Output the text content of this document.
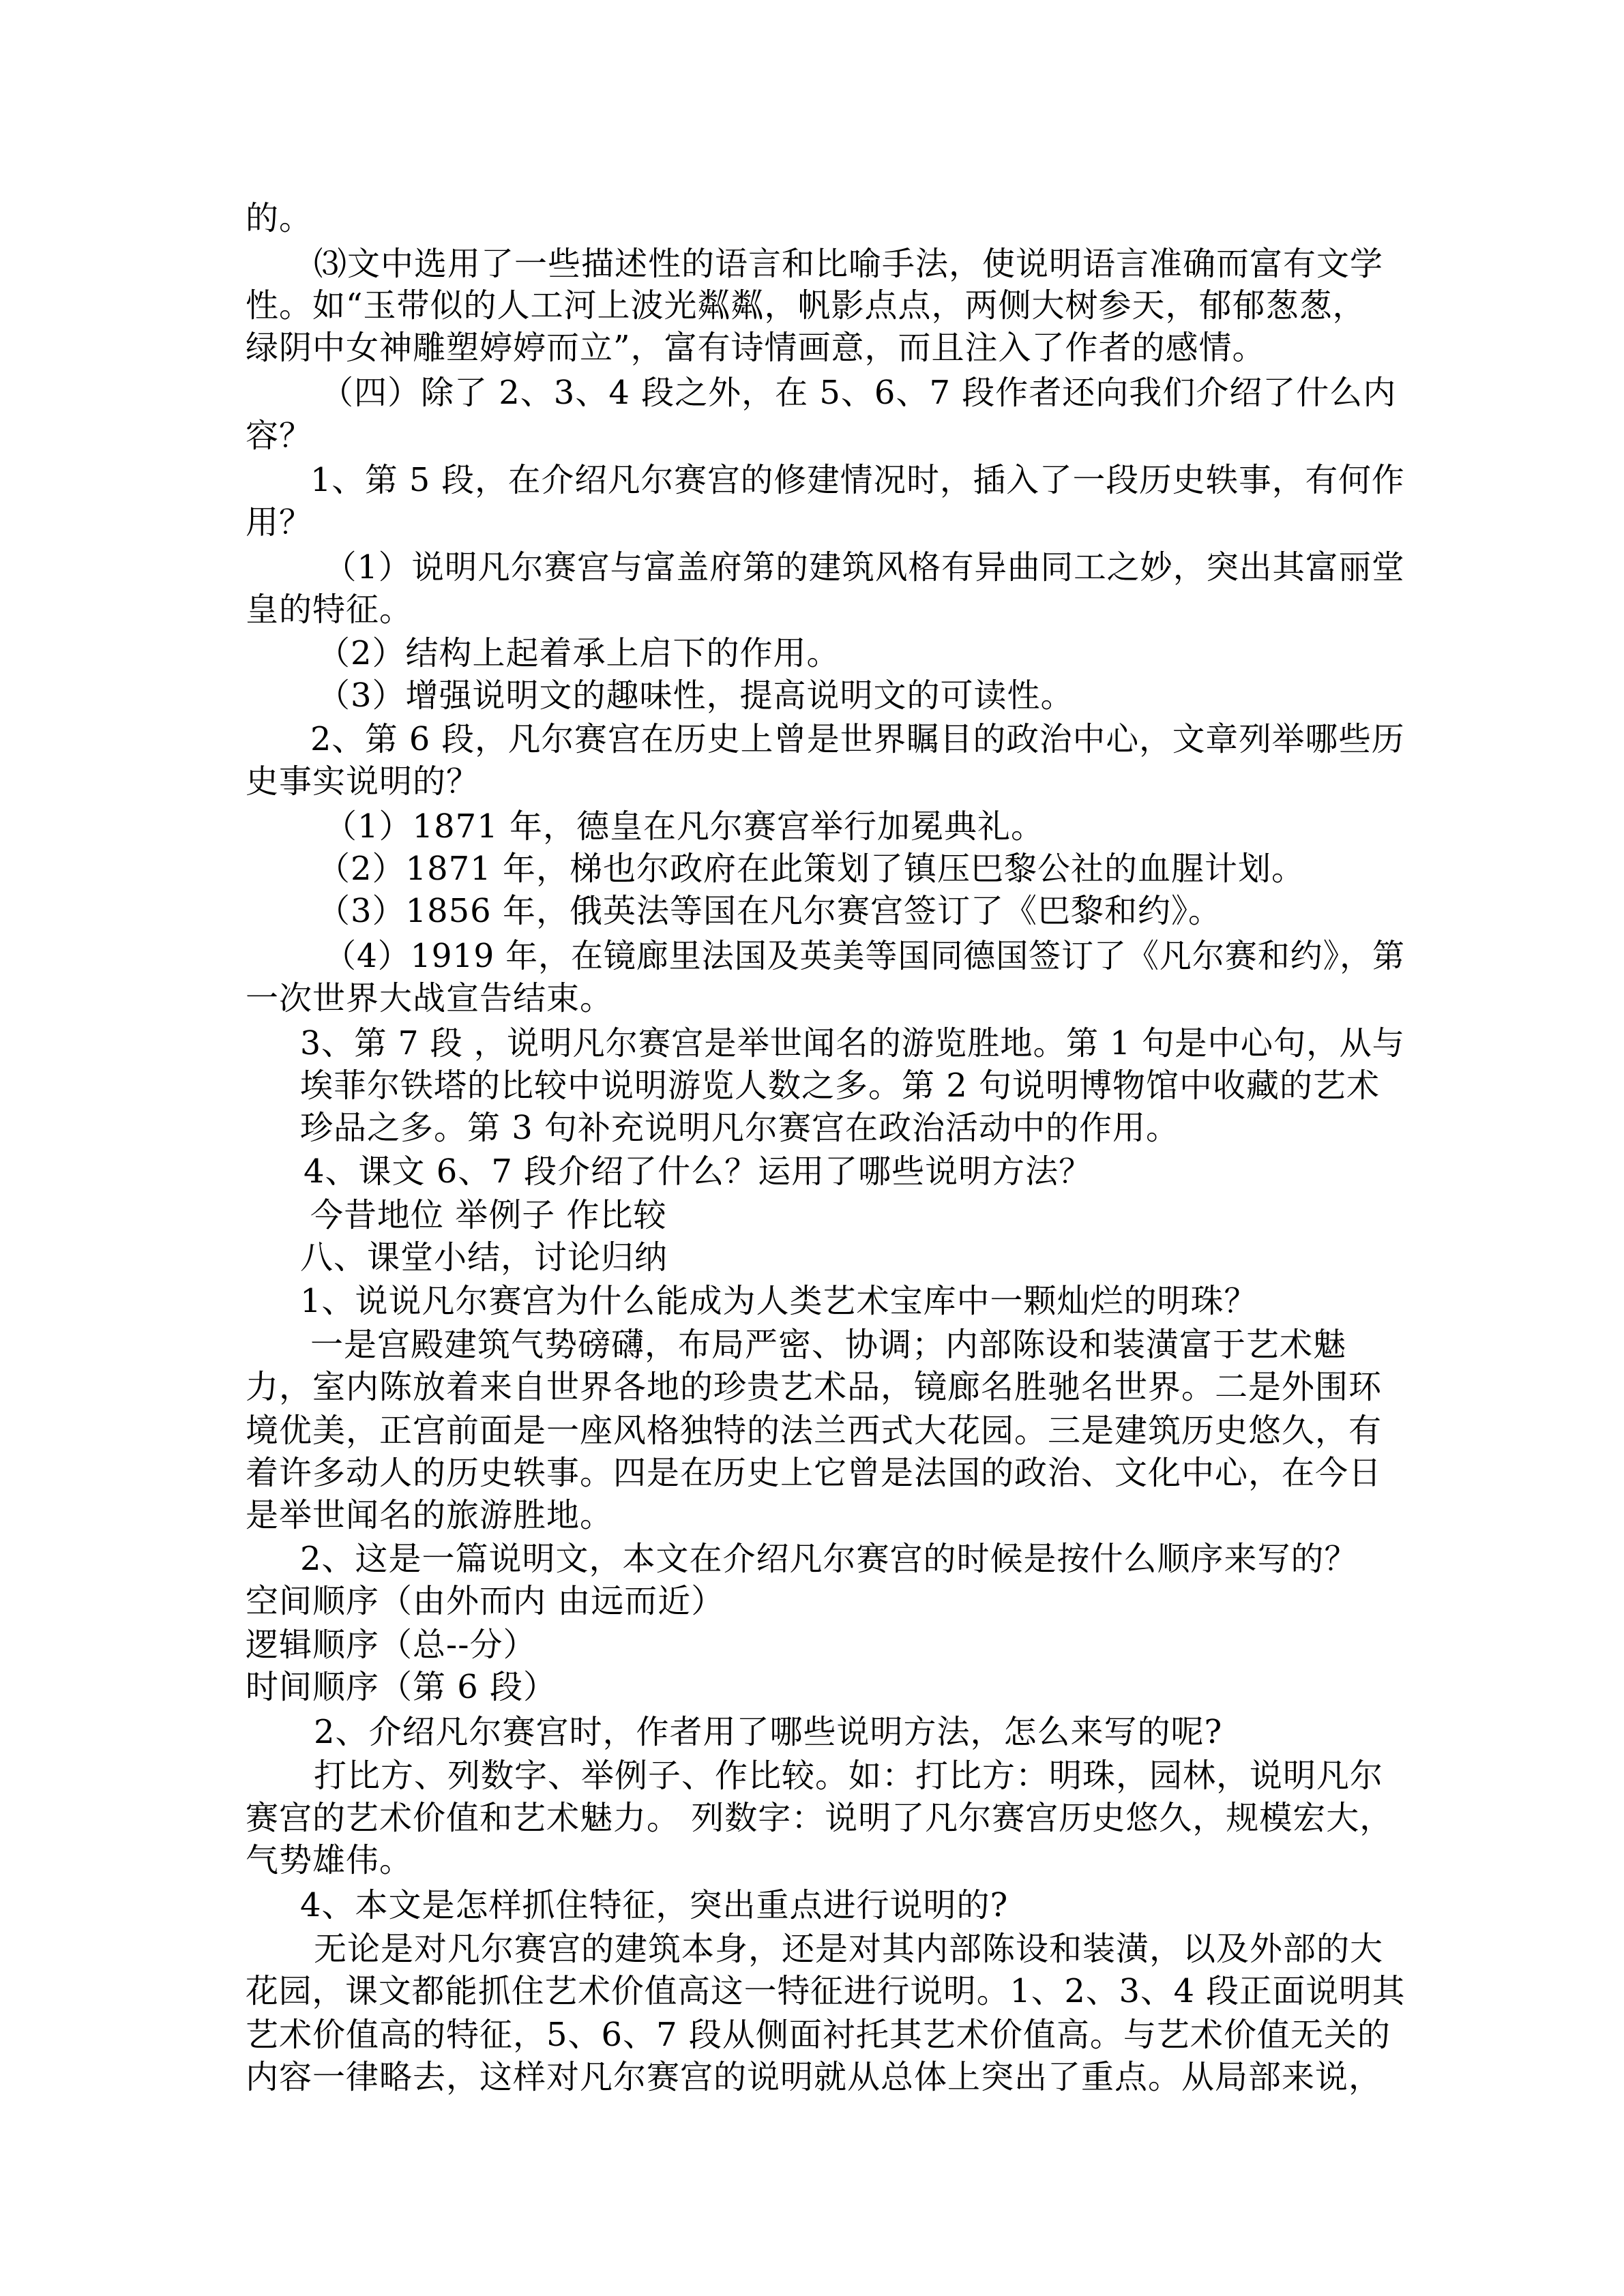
的。
⑶文中选用了一些描述性的语言和比喻手法，使说明语言准确而富有文学
性。如“玉带似的人工河上波光粼粼，帆影点点，两侧大树参天，郁郁葱葱，
绿阴中女神雕塑婷婷而立”，富有诗情画意，而且注入了作者的感情。
（四）除了 2、3、4 段之外，在 5、6、7 段作者还向我们介绍了什么内
容？
1、第 5 段，在介绍凡尔赛宫的修建情况时，插入了一段历史轶事，有何作
用？
（1）说明凡尔赛宫与富盖府第的建筑风格有异曲同工之妙，突出其富丽堂
皇的特征。
（2）结构上起着承上启下的作用。
（3）增强说明文的趣味性，提高说明文的可读性。
2、第 6 段，凡尔赛宫在历史上曾是世界瞩目的政治中心，文章列举哪些历
史事实说明的？
（1）1871 年，德皇在凡尔赛宫举行加冕典礼。
（2）1871 年，梯也尔政府在此策划了镇压巴黎公社的血腥计划。
（3）1856 年，俄英法等国在凡尔赛宫签订了《巴黎和约》。
（4）1919 年，在镜廊里法国及英美等国同德国签订了《凡尔赛和约》，第
一次世界大战宣告结束。
3、第 7 段 ，说明凡尔赛宫是举世闻名的游览胜地。第 1 句是中心句，从与
埃菲尔铁塔的比较中说明游览人数之多。第 2 句说明博物馆中收藏的艺术
珍品之多。第 3 句补充说明凡尔赛宫在政治活动中的作用。
4、课文 6、7 段介绍了什么？运用了哪些说明方法？
今昔地位 举例子 作比较
八、课堂小结，讨论归纳
1、说说凡尔赛宫为什么能成为人类艺术宝库中一颗灿烂的明珠？
一是宫殿建筑气势磅礴，布局严密、协调；内部陈设和装潢富于艺术魅
力，室内陈放着来自世界各地的珍贵艺术品，镜廊名胜驰名世界。二是外围环
境优美，正宫前面是一座风格独特的法兰西式大花园。三是建筑历史悠久，有
着许多动人的历史轶事。四是在历史上它曾是法国的政治、文化中心，在今日
是举世闻名的旅游胜地。
2、这是一篇说明文，本文在介绍凡尔赛宫的时候是按什么顺序来写的？
空间顺序（由外而内 由远而近）
逻辑顺序（总--分）
时间顺序（第 6 段）
2、介绍凡尔赛宫时，作者用了哪些说明方法，怎么来写的呢?
打比方、列数字、举例子、作比较。如：打比方：明珠，园林，说明凡尔
赛宫的艺术价值和艺术魅力。 列数字：说明了凡尔赛宫历史悠久，规模宏大，
气势雄伟。
4、本文是怎样抓住特征，突出重点进行说明的?
无论是对凡尔赛宫的建筑本身，还是对其内部陈设和装潢，以及外部的大
花园，课文都能抓住艺术价值高这一特征进行说明。1、2、3、4 段正面说明其
艺术价值高的特征，5、6、7 段从侧面衬托其艺术价值高。与艺术价值无关的
内容一律略去，这样对凡尔赛宫的说明就从总体上突出了重点。从局部来说，
